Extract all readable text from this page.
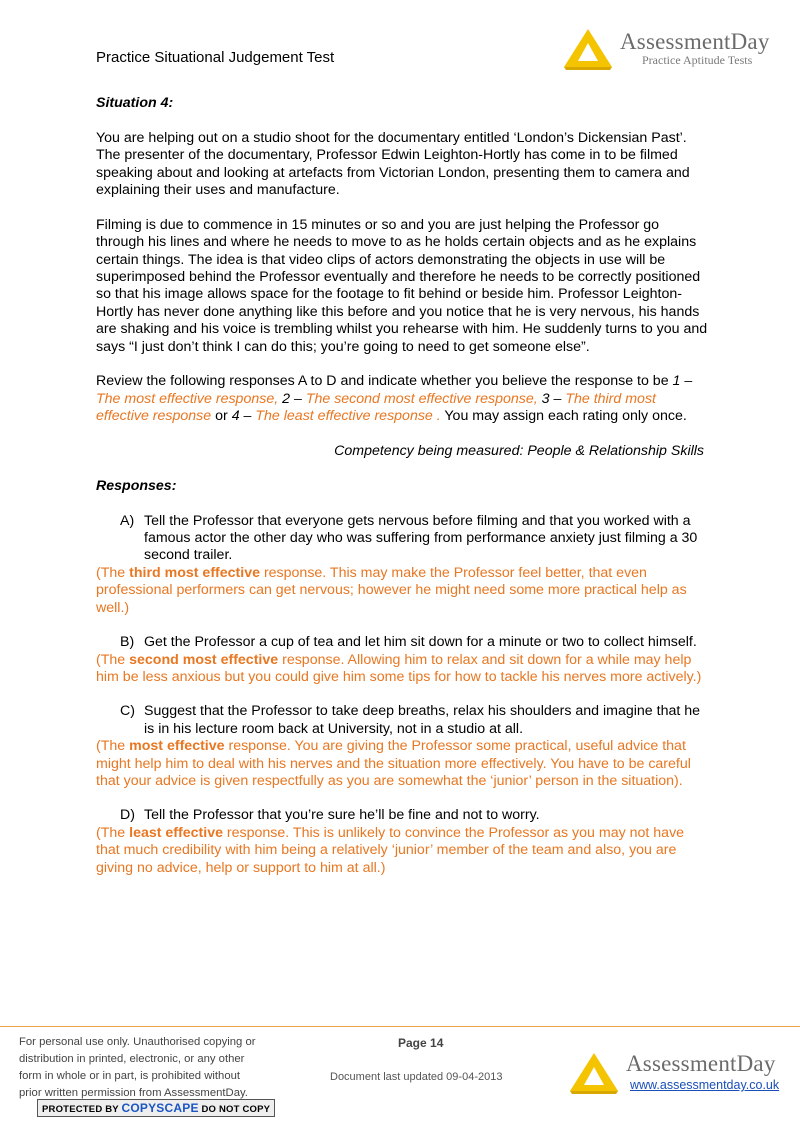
Practice Situational Judgement Test
AssessmentDay
Practice Aptitude Tests

Situation 4:

You are helping out on a studio shoot for the documentary entitled ‘London’s Dickensian Past’. The presenter of the documentary, Professor Edwin Leighton-Hortly has come in to be filmed speaking about and looking at artefacts from Victorian London, presenting them to camera and explaining their uses and manufacture.

Filming is due to commence in 15 minutes or so and you are just helping the Professor go through his lines and where he needs to move to as he holds certain objects and as he explains certain things. The idea is that video clips of actors demonstrating the objects in use will be superimposed behind the Professor eventually and therefore he needs to be correctly positioned so that his image allows space for the footage to fit behind or beside him. Professor Leighton-Hortly has never done anything like this before and you notice that he is very nervous, his hands are shaking and his voice is trembling whilst you rehearse with him. He suddenly turns to you and says “I just don’t think I can do this; you’re going to need to get someone else”.

Review the following responses A to D and indicate whether you believe the response to be 1 – The most effective response, 2 – The second most effective response, 3 – The third most effective response or 4 – The least effective response . You may assign each rating only once.

Competency being measured: People & Relationship Skills

Responses:

A) Tell the Professor that everyone gets nervous before filming and that you worked with a famous actor the other day who was suffering from performance anxiety just filming a 30 second trailer.

(The third most effective response. This may make the Professor feel better, that even professional performers can get nervous; however he might need some more practical help as well.)

B) Get the Professor a cup of tea and let him sit down for a minute or two to collect himself.

(The second most effective response. Allowing him to relax and sit down for a while may help him be less anxious but you could give him some tips for how to tackle his nerves more actively.)

C) Suggest that the Professor to take deep breaths, relax his shoulders and imagine that he is in his lecture room back at University, not in a studio at all.

(The most effective response. You are giving the Professor some practical, useful advice that might help him to deal with his nerves and the situation more effectively. You have to be careful that your advice is given respectfully as you are somewhat the ‘junior’ person in the situation).

D) Tell the Professor that you’re sure he’ll be fine and not to worry.

(The least effective response. This is unlikely to convince the Professor as you may not have that much credibility with him being a relatively ‘junior’ member of the team and also, you are giving no advice, help or support to him at all.)

For personal use only. Unauthorised copying or
distribution in printed, electronic, or any other
form in whole or in part, is prohibited without
prior written permission from AssessmentDay.
PROTECTED BY COPYSCAPE DO NOT COPY
Page 14
Document last updated 09-04-2013
AssessmentDay
www.assessmentday.co.uk
